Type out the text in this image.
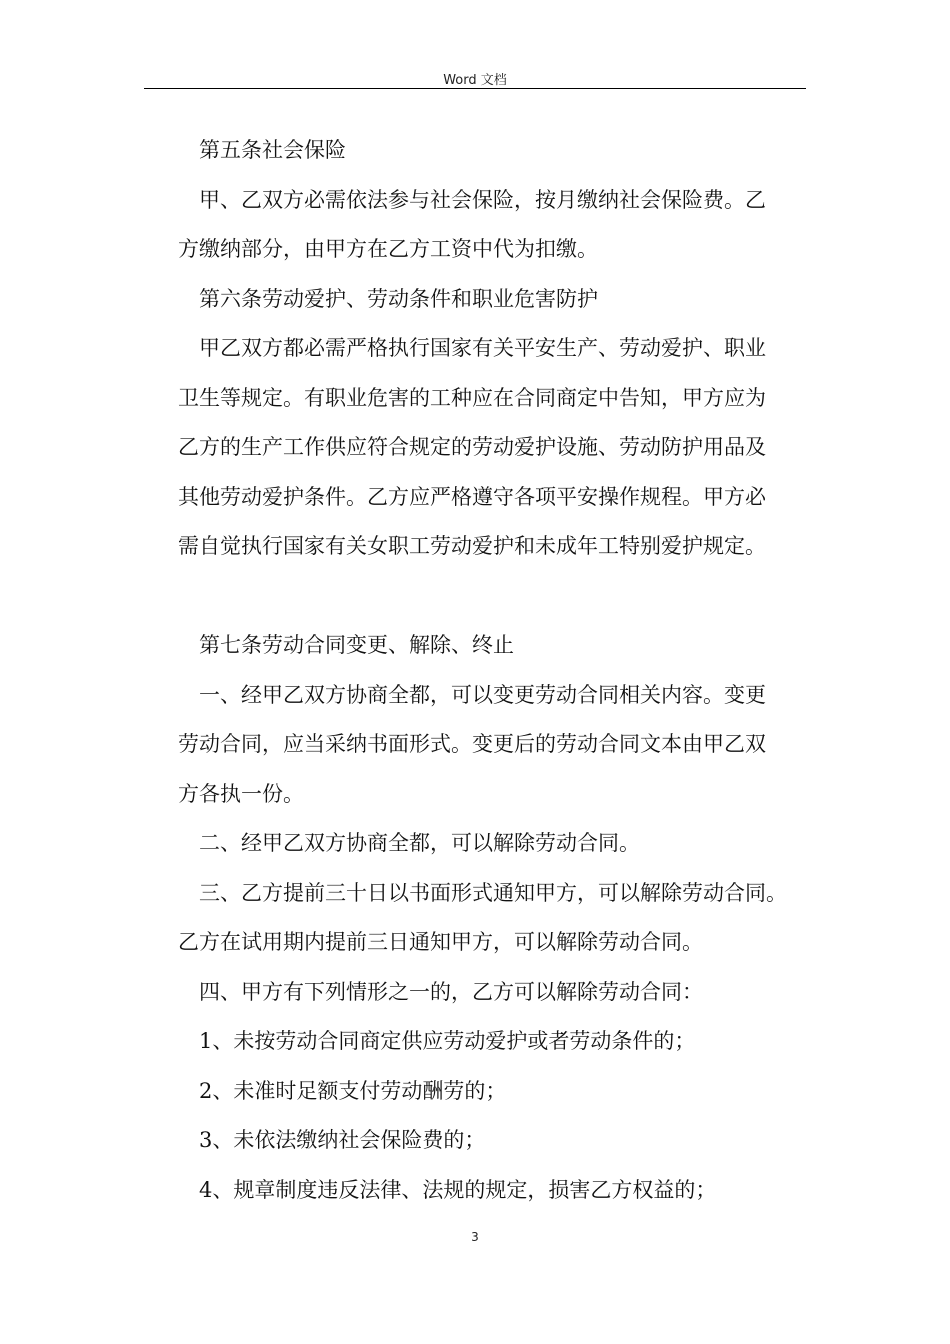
Word 文档
第五条社会保险
甲、乙双方必需依法参与社会保险，按月缴纳社会保险费。乙
方缴纳部分，由甲方在乙方工资中代为扣缴。
第六条劳动爱护、劳动条件和职业危害防护
甲乙双方都必需严格执行国家有关平安生产、劳动爱护、职业
卫生等规定。有职业危害的工种应在合同商定中告知，甲方应为
乙方的生产工作供应符合规定的劳动爱护设施、劳动防护用品及
其他劳动爱护条件。乙方应严格遵守各项平安操作规程。甲方必
需自觉执行国家有关女职工劳动爱护和未成年工特别爱护规定。
第七条劳动合同变更、解除、终止
一、经甲乙双方协商全都，可以变更劳动合同相关内容。变更
劳动合同，应当采纳书面形式。变更后的劳动合同文本由甲乙双
方各执一份。
二、经甲乙双方协商全都，可以解除劳动合同。
三、乙方提前三十日以书面形式通知甲方，可以解除劳动合同。
乙方在试用期内提前三日通知甲方，可以解除劳动合同。
四、甲方有下列情形之一的，乙方可以解除劳动合同：
1、未按劳动合同商定供应劳动爱护或者劳动条件的；
2、未准时足额支付劳动酬劳的；
3、未依法缴纳社会保险费的；
4、规章制度违反法律、法规的规定，损害乙方权益的；
3
